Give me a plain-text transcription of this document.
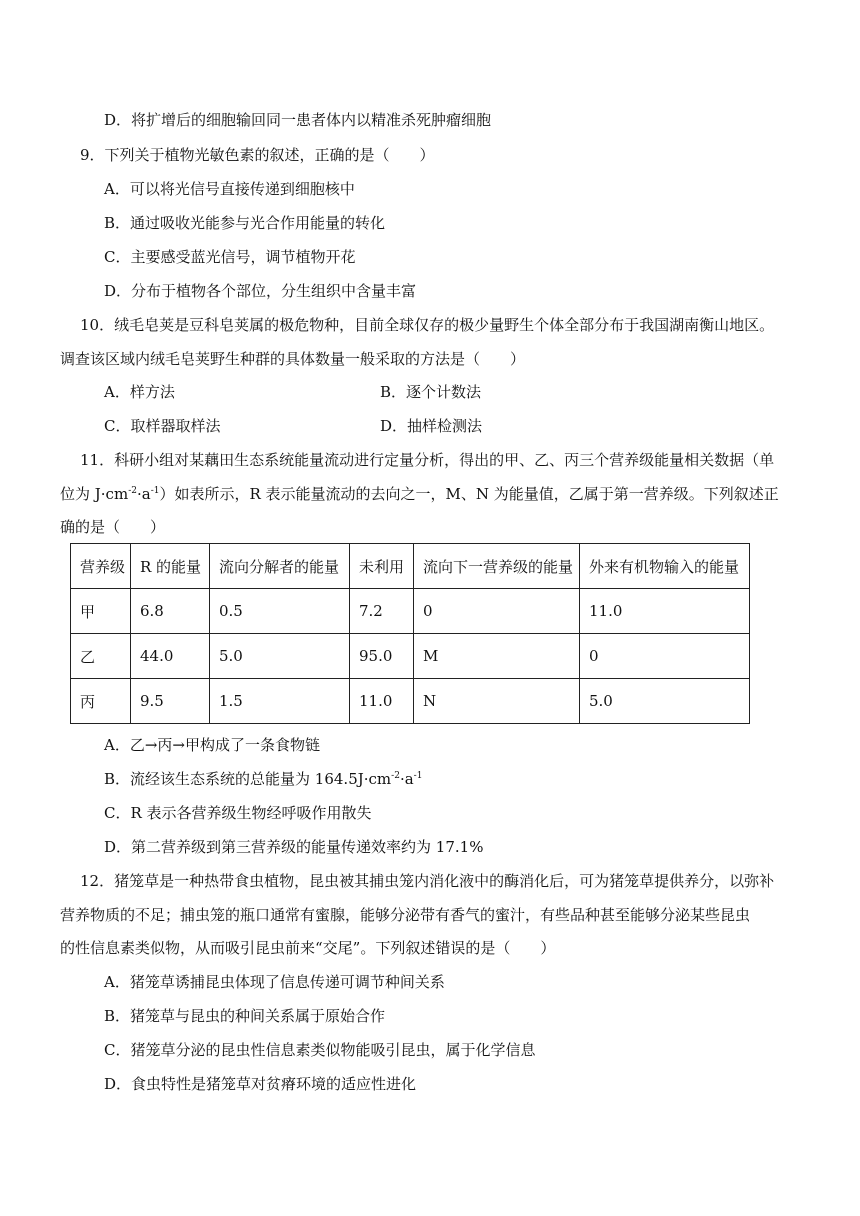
D．将扩增后的细胞输回同一患者体内以精准杀死肿瘤细胞
9．下列关于植物光敏色素的叙述，正确的是（　　）
A．可以将光信号直接传递到细胞核中
B．通过吸收光能参与光合作用能量的转化
C．主要感受蓝光信号，调节植物开花
D．分布于植物各个部位，分生组织中含量丰富
10．绒毛皂荚是豆科皂荚属的极危物种，目前全球仅存的极少量野生个体全部分布于我国湖南衡山地区。
调查该区域内绒毛皂荚野生种群的具体数量一般采取的方法是（　　）
A．样方法	B．逐个计数法
C．取样器取样法	D．抽样检测法
11．科研小组对某藕田生态系统能量流动进行定量分析，得出的甲、乙、丙三个营养级能量相关数据（单
位为 $J\cdot cm^{-2}\cdot a^{-1}$）如表所示，R 表示能量流动的去向之一，M、N 为能量值，乙属于第一营养级。下列叙述正
确的是（　　）
营养级	R 的能量	流向分解者的能量	未利用	流向下一营养级的能量	外来有机物输入的能量
甲	6.8	0.5	7.2	0	11.0
乙	44.0	5.0	95.0	M	0
丙	9.5	1.5	11.0	N	5.0
A．乙→丙→甲构成了一条食物链
B．流经该生态系统的总能量为 $164.5J\cdot cm^{-2}\cdot a^{-1}$
C．R 表示各营养级生物经呼吸作用散失
D．第二营养级到第三营养级的能量传递效率约为 17.1%
12．猪笼草是一种热带食虫植物，昆虫被其捕虫笼内消化液中的酶消化后，可为猪笼草提供养分，以弥补
营养物质的不足；捕虫笼的瓶口通常有蜜腺，能够分泌带有香气的蜜汁，有些品种甚至能够分泌某些昆虫
的性信息素类似物，从而吸引昆虫前来“交尾”。下列叙述错误的是（　　）
A．猪笼草诱捕昆虫体现了信息传递可调节种间关系
B．猪笼草与昆虫的种间关系属于原始合作
C．猪笼草分泌的昆虫性信息素类似物能吸引昆虫，属于化学信息
D．食虫特性是猪笼草对贫瘠环境的适应性进化
